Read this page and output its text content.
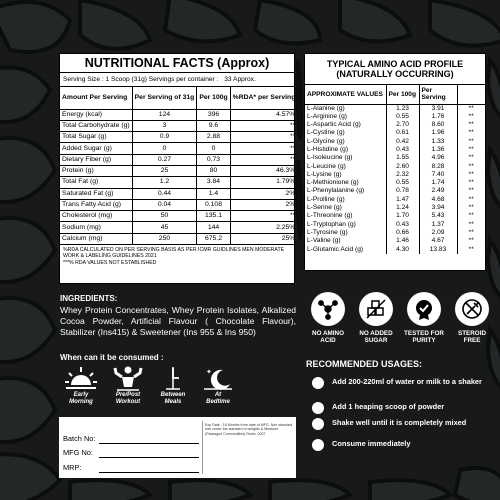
NUTRITIONAL FACTS (Approx)
Serving Size : 1 Scoop (31g) Servings per container : 33 Approx.
Amount Per Serving	Per Serving of 31g	Per 100g	%RDA* per Serving
Energy (kcal)	124	396	4.57%
Total Carbohydrate (g)	3	9.6	**
Total Sugar (g)	0.9	2.88	**
Added Sugar (g)	0	0	**
Dietary Fiber (g)	0.27	0.73	**
Protein (g)	25	80	46.3%
Total Fat (g)	1.2	3.84	1.79%
Saturated Fat (g)	0.44	1.4	2%
Trans Fatty Acid (g)	0.04	0.108	2%
Cholesterol (mg)	50	135.1	**
Sodium (mg)	45	144	2.25%
Calcium (mg)	250	675.2	25%
%RDA CALCULATED ON PER SERVING BASIS AS PER ICMR GUIDLINES MEN MODERATE WORK & LABELING GUIDELINES 2021
***% RDA VALUES NOT ESTABLISHED
TYPICAL AMINO ACID PROFILE
(NATURALLY OCCURRING)
APPROXIMATE VALUES	Per 100g	Per Serving	
L-Alanine (g)	1.23	3.91	**
L-Arginine (g)	0.55	1.76	**
L-Aspartic Acid (g)	2.70	8.60	**
L-Cystine (g)	0.61	1.96	**
L-Glycine (g)	0.42	1.33	**
L-Histidine (g)	0.43	1.36	**
L-Isoleucine (g)	1.55	4.96	**
L-Leucine (g)	2.60	8.28	**
L-Lysine (g)	2.32	7.40	**
L-Methionione (g)	0.55	1.74	**
L-Phenylalanine (g)	0.78	2.49	**
L-Prolline (g)	1.47	4.68	**
L-Serine (g)	1.24	3.94	**
L-Threonine (g)	1.70	5.43	**
L-Tryptophan (g)	0.43	1.37	**
L-Tyrosine (g)	0.66	2.09	**
L-Valine (g)	1.46	4.67	**
L-Glutamic Acid (g)	4.30	13.83	**
INGREDIENTS:
Whey Protein Concentrates, Whey Protein Isolates, Alkalized Cocoa Powder, Artificial Flavour ( Chocolate Flavour), Stabilizer (Ins415) & Sweetener (Ins 955 & Ins 950)
When can it be consumed :
Early
Morning
Pre/Post
Workout
Between
Meals
✦
✦
At
Bedtime
NO AMINO
ACID
NO ADDED
SUGAR
TESTED FOR
PURITY
STEROID
FREE
RECOMMENDED USAGES:
Add 200-220ml of water or milk to a shaker
Add 1 heaping scoop of powder
Shake well until it is completely mixed
Consume immediately
Batch No:
MFG No:
MRP:
Exp Date : 18 Months from date of MFG. Non standard size under the standard of weights & Measure (Packaged Commodities) Rules, 2007
